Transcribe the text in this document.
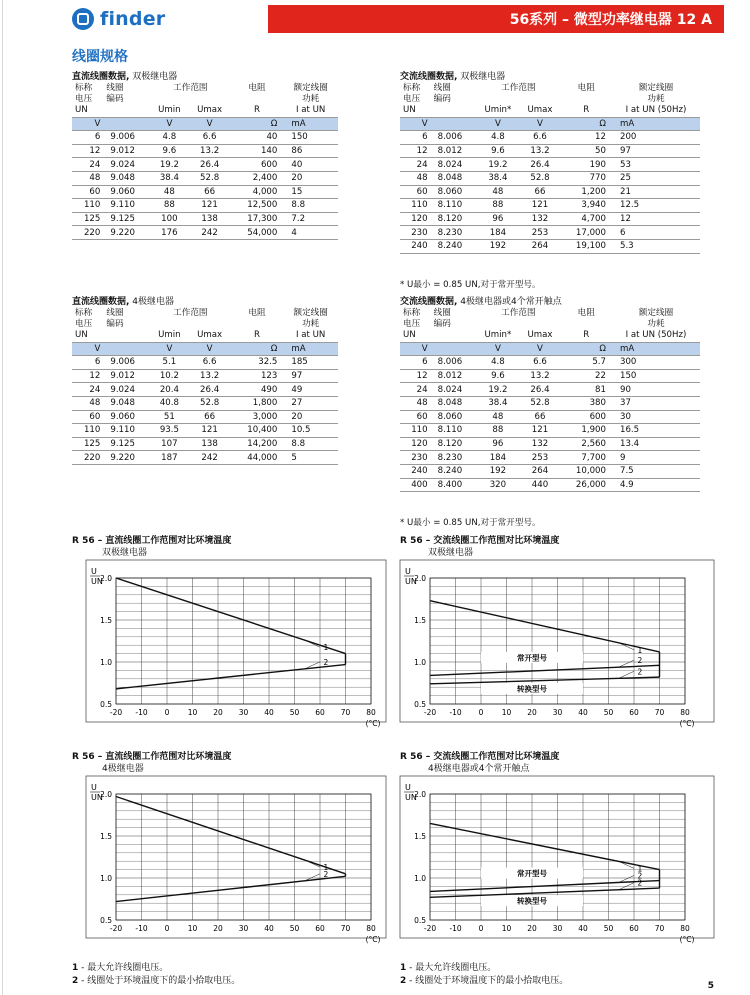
finder	56系列 – 微型功率继电器 12 A
线圈规格
直流线圈数据, 双极继电器
标称	线圈	工作范围		电阻	额定线圈
电压	编码				功耗
UN		Umin	Umax	R	I at UN
V		V	V	Ω	mA
6	9.006	4.8	6.6	40	150
12	9.012	9.6	13.2	140	86
24	9.024	19.2	26.4	600	40
48	9.048	38.4	52.8	2,400	20
60	9.060	48	66	4,000	15
110	9.110	88	121	12,500	8.8
125	9.125	100	138	17,300	7.2
220	9.220	176	242	54,000	4
交流线圈数据, 双极继电器
标称	线圈	工作范围		电阻	额定线圈
电压	编码				功耗
UN		Umin*	Umax	R	I at UN (50Hz)
V		V	V	Ω	mA
6	8.006	4.8	6.6	12	200
12	8.012	9.6	13.2	50	97
24	8.024	19.2	26.4	190	53
48	8.048	38.4	52.8	770	25
60	8.060	48	66	1,200	21
110	8.110	88	121	3,940	12.5
120	8.120	96	132	4,700	12
230	8.230	184	253	17,000	6
240	8.240	192	264	19,100	5.3
* U最小 = 0.85 UN,对于常开型号。
直流线圈数据, 4极继电器
标称	线圈	工作范围		电阻	额定线圈
电压	编码				功耗
UN		Umin	Umax	R	I at UN
V		V	V	Ω	mA
6	9.006	5.1	6.6	32.5	185
12	9.012	10.2	13.2	123	97
24	9.024	20.4	26.4	490	49
48	9.048	40.8	52.8	1,800	27
60	9.060	51	66	3,000	20
110	9.110	93.5	121	10,400	10.5
125	9.125	107	138	14,200	8.8
220	9.220	187	242	44,000	5
交流线圈数据, 4极继电器或4个常开触点
标称	线圈	工作范围		电阻	额定线圈
电压	编码				功耗
UN		Umin*	Umax	R	I at UN (50Hz)
V		V	V	Ω	mA
6	8.006	4.8	6.6	5.7	300
12	8.012	9.6	13.2	22	150
24	8.024	19.2	26.4	81	90
48	8.048	38.4	52.8	380	37
60	8.060	48	66	600	30
110	8.110	88	121	1,900	16.5
120	8.120	96	132	2,560	13.4
230	8.230	184	253	7,700	9
240	8.240	192	264	10,000	7.5
400	8.400	320	440	26,000	4.9
* U最小 = 0.85 UN,对于常开型号。
R 56 – 直流线圈工作范围对比环境温度
双极继电器
U
UN
0.5
1.0
1.5
2.0
-20 -10 0 10 20 30 40 50 60 70 80
(°C)
1
2
R 56 – 交流线圈工作范围对比环境温度
双极继电器
U
UN
0.5
1.0
1.5
2.0
-20 -10 0 10 20 30 40 50 60 70 80
(°C)
常开型号
转换型号
1
2
2
R 56 – 直流线圈工作范围对比环境温度
4极继电器
U
UN
0.5
1.0
1.5
2.0
-20 -10 0 10 20 30 40 50 60 70 80
(°C)
1
2
R 56 – 交流线圈工作范围对比环境温度
4极继电器或4个常开触点
U
UN
0.5
1.0
1.5
2.0
-20 -10 0 10 20 30 40 50 60 70 80
(°C)
常开型号
转换型号
1
2
2
1 - 最大允许线圈电压。
2 - 线圈处于环境温度下的最小拾取电压。
1 - 最大允许线圈电压。
2 - 线圈处于环境温度下的最小拾取电压。	5
